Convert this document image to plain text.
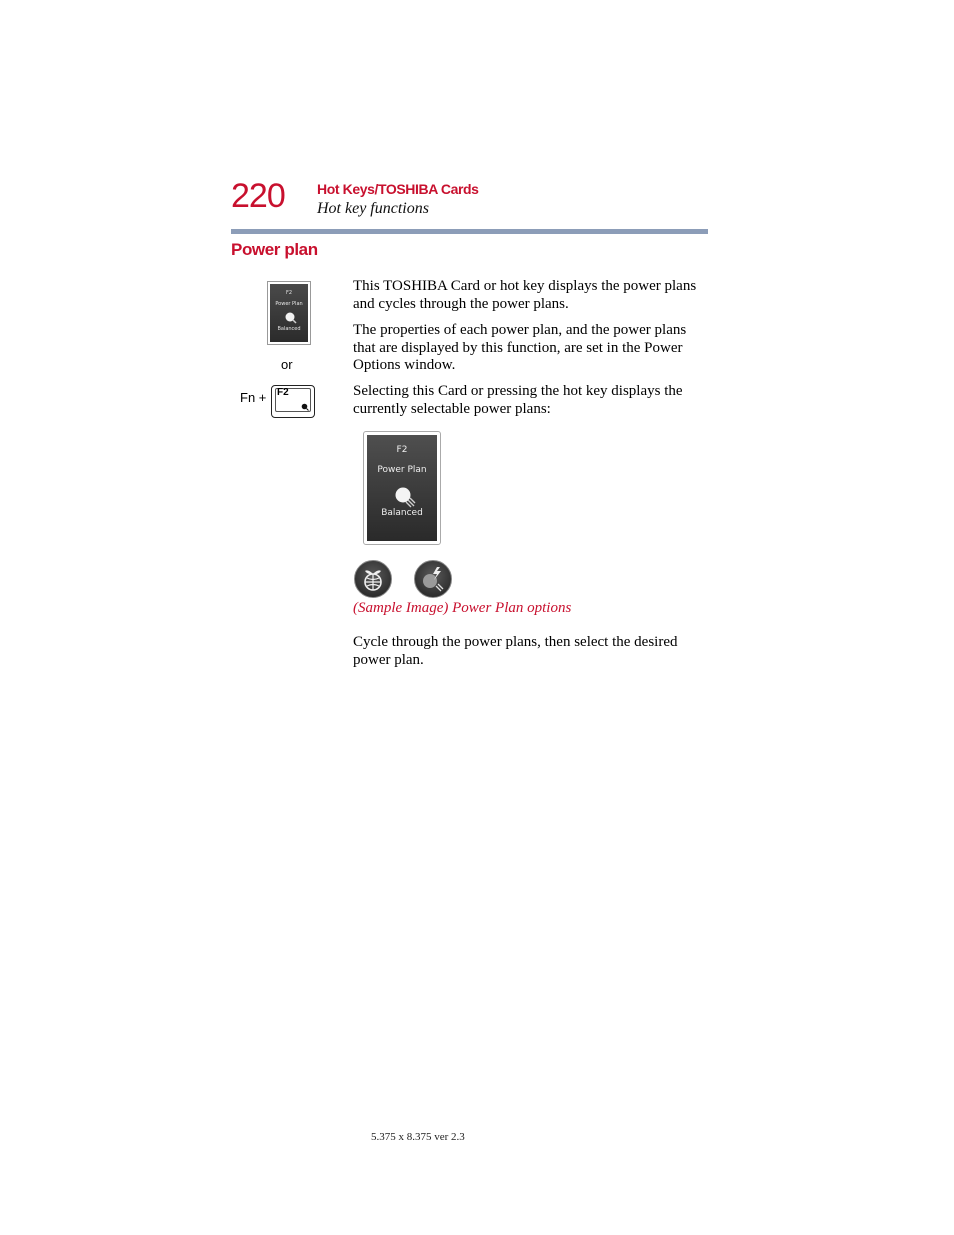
220 Hot Keys/TOSHIBA Cards
Hot key functions
Power plan
F2
Power Plan
Balanced
or
Fn + F2
This TOSHIBA Card or hot key displays the power plans and cycles through the power plans.
The properties of each power plan, and the power plans that are displayed by this function, are set in the Power Options window.
Selecting this Card or pressing the hot key displays the currently selectable power plans:
F2
Power Plan
Balanced
(Sample Image) Power Plan options
Cycle through the power plans, then select the desired power plan.
5.375 x 8.375 ver 2.3
